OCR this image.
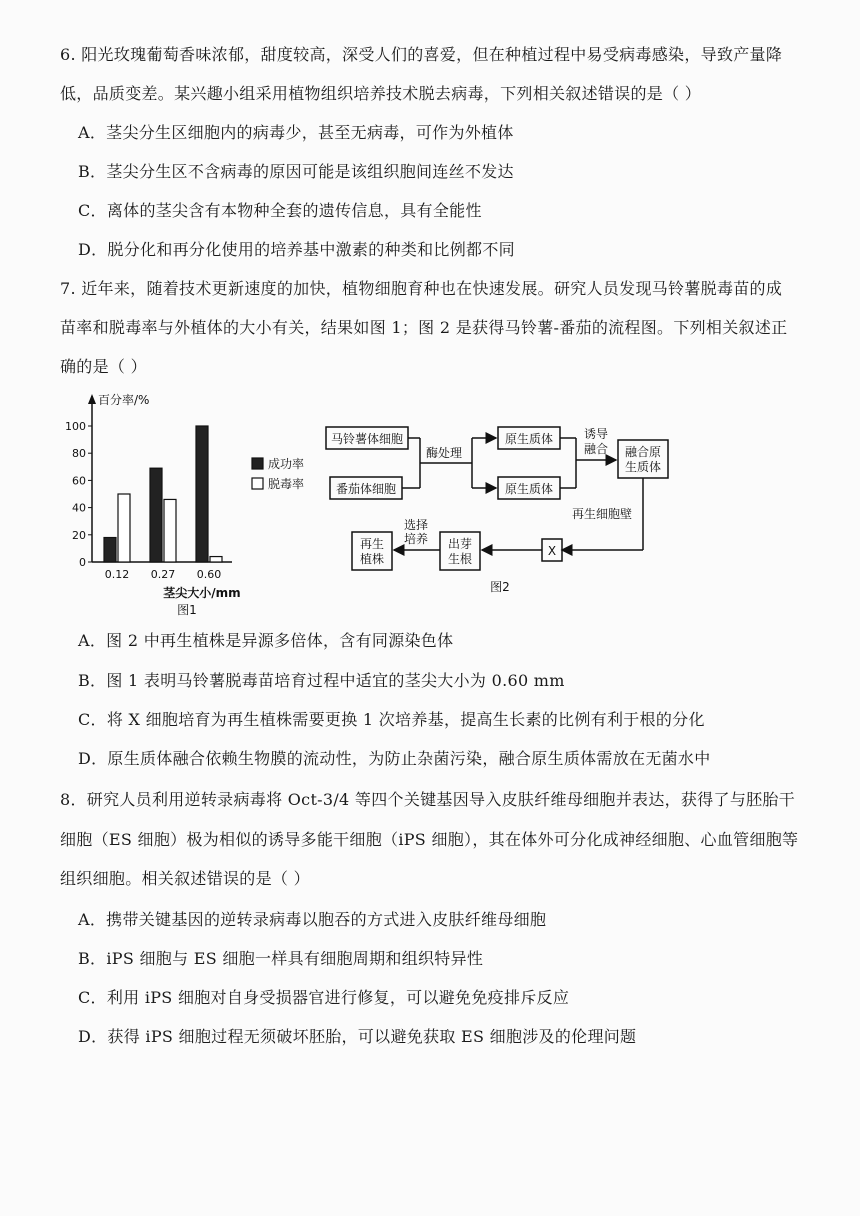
6. 阳光玫瑰葡萄香味浓郁，甜度较高，深受人们的喜爱，但在种植过程中易受病毒感染，导致产量降
低，品质变差。某兴趣小组采用植物组织培养技术脱去病毒，下列相关叙述错误的是（ ）
A．茎尖分生区细胞内的病毒少，甚至无病毒，可作为外植体
B．茎尖分生区不含病毒的原因可能是该组织胞间连丝不发达
C．离体的茎尖含有本物种全套的遗传信息，具有全能性
D．脱分化和再分化使用的培养基中激素的种类和比例都不同
7. 近年来，随着技术更新速度的加快，植物细胞育种也在快速发展。研究人员发现马铃薯脱毒苗的成
苗率和脱毒率与外植体的大小有关，结果如图 1；图 2 是获得马铃薯-番茄的流程图。下列相关叙述正
确的是（ ）
百分率/%
0
20
40
60
80
100
0.12 0.27 0.60
茎尖大小/mm
图1
成功率
脱毒率
马铃薯体细胞
番茄体细胞
酶处理
原生质体
原生质体
诱导
融合 融合原
生质体
再生细胞壁
X
出芽
生根
选择
培养
再生
植株
图2
A．图 2 中再生植株是异源多倍体，含有同源染色体
B．图 1 表明马铃薯脱毒苗培育过程中适宜的茎尖大小为 0.60 mm
C．将 X 细胞培育为再生植株需要更换 1 次培养基，提高生长素的比例有利于根的分化
D．原生质体融合依赖生物膜的流动性，为防止杂菌污染，融合原生质体需放在无菌水中
8．研究人员利用逆转录病毒将 Oct-3/4 等四个关键基因导入皮肤纤维母细胞并表达，获得了与胚胎干
细胞（ES 细胞）极为相似的诱导多能干细胞（iPS 细胞），其在体外可分化成神经细胞、心血管细胞等
组织细胞。相关叙述错误的是（ ）
A．携带关键基因的逆转录病毒以胞吞的方式进入皮肤纤维母细胞
B．iPS 细胞与 ES 细胞一样具有细胞周期和组织特异性
C．利用 iPS 细胞对自身受损器官进行修复，可以避免免疫排斥反应
D．获得 iPS 细胞过程无须破坏胚胎，可以避免获取 ES 细胞涉及的伦理问题
